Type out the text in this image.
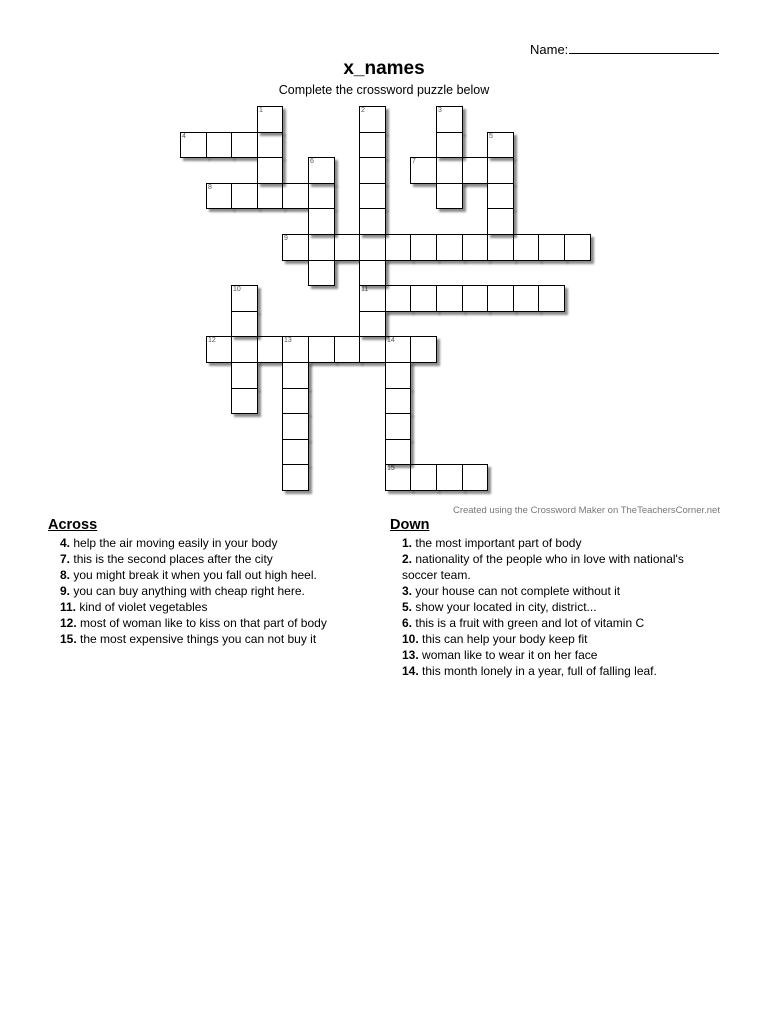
Name:
x_names
Complete the crossword puzzle below
4
7
8
9
11
12	13	14
15
1	2	3
5
6
10
Created using the Crossword Maker on TheTeachersCorner.net
Across
4. help the air moving easily in your body
7. this is the second places after the city
8. you might break it when you fall out high heel.
9. you can buy anything with cheap right here.
11. kind of violet vegetables
12. most of woman like to kiss on that part of body
15. the most expensive things you can not buy it
Down
1. the most important part of body
2. nationality of the people who in love with national's soccer team.
3. your house can not complete without it
5. show your located in city, district...
6. this is a fruit with green and lot of vitamin C
10. this can help your body keep fit
13. woman like to wear it on her face
14. this month lonely in a year, full of falling leaf.
